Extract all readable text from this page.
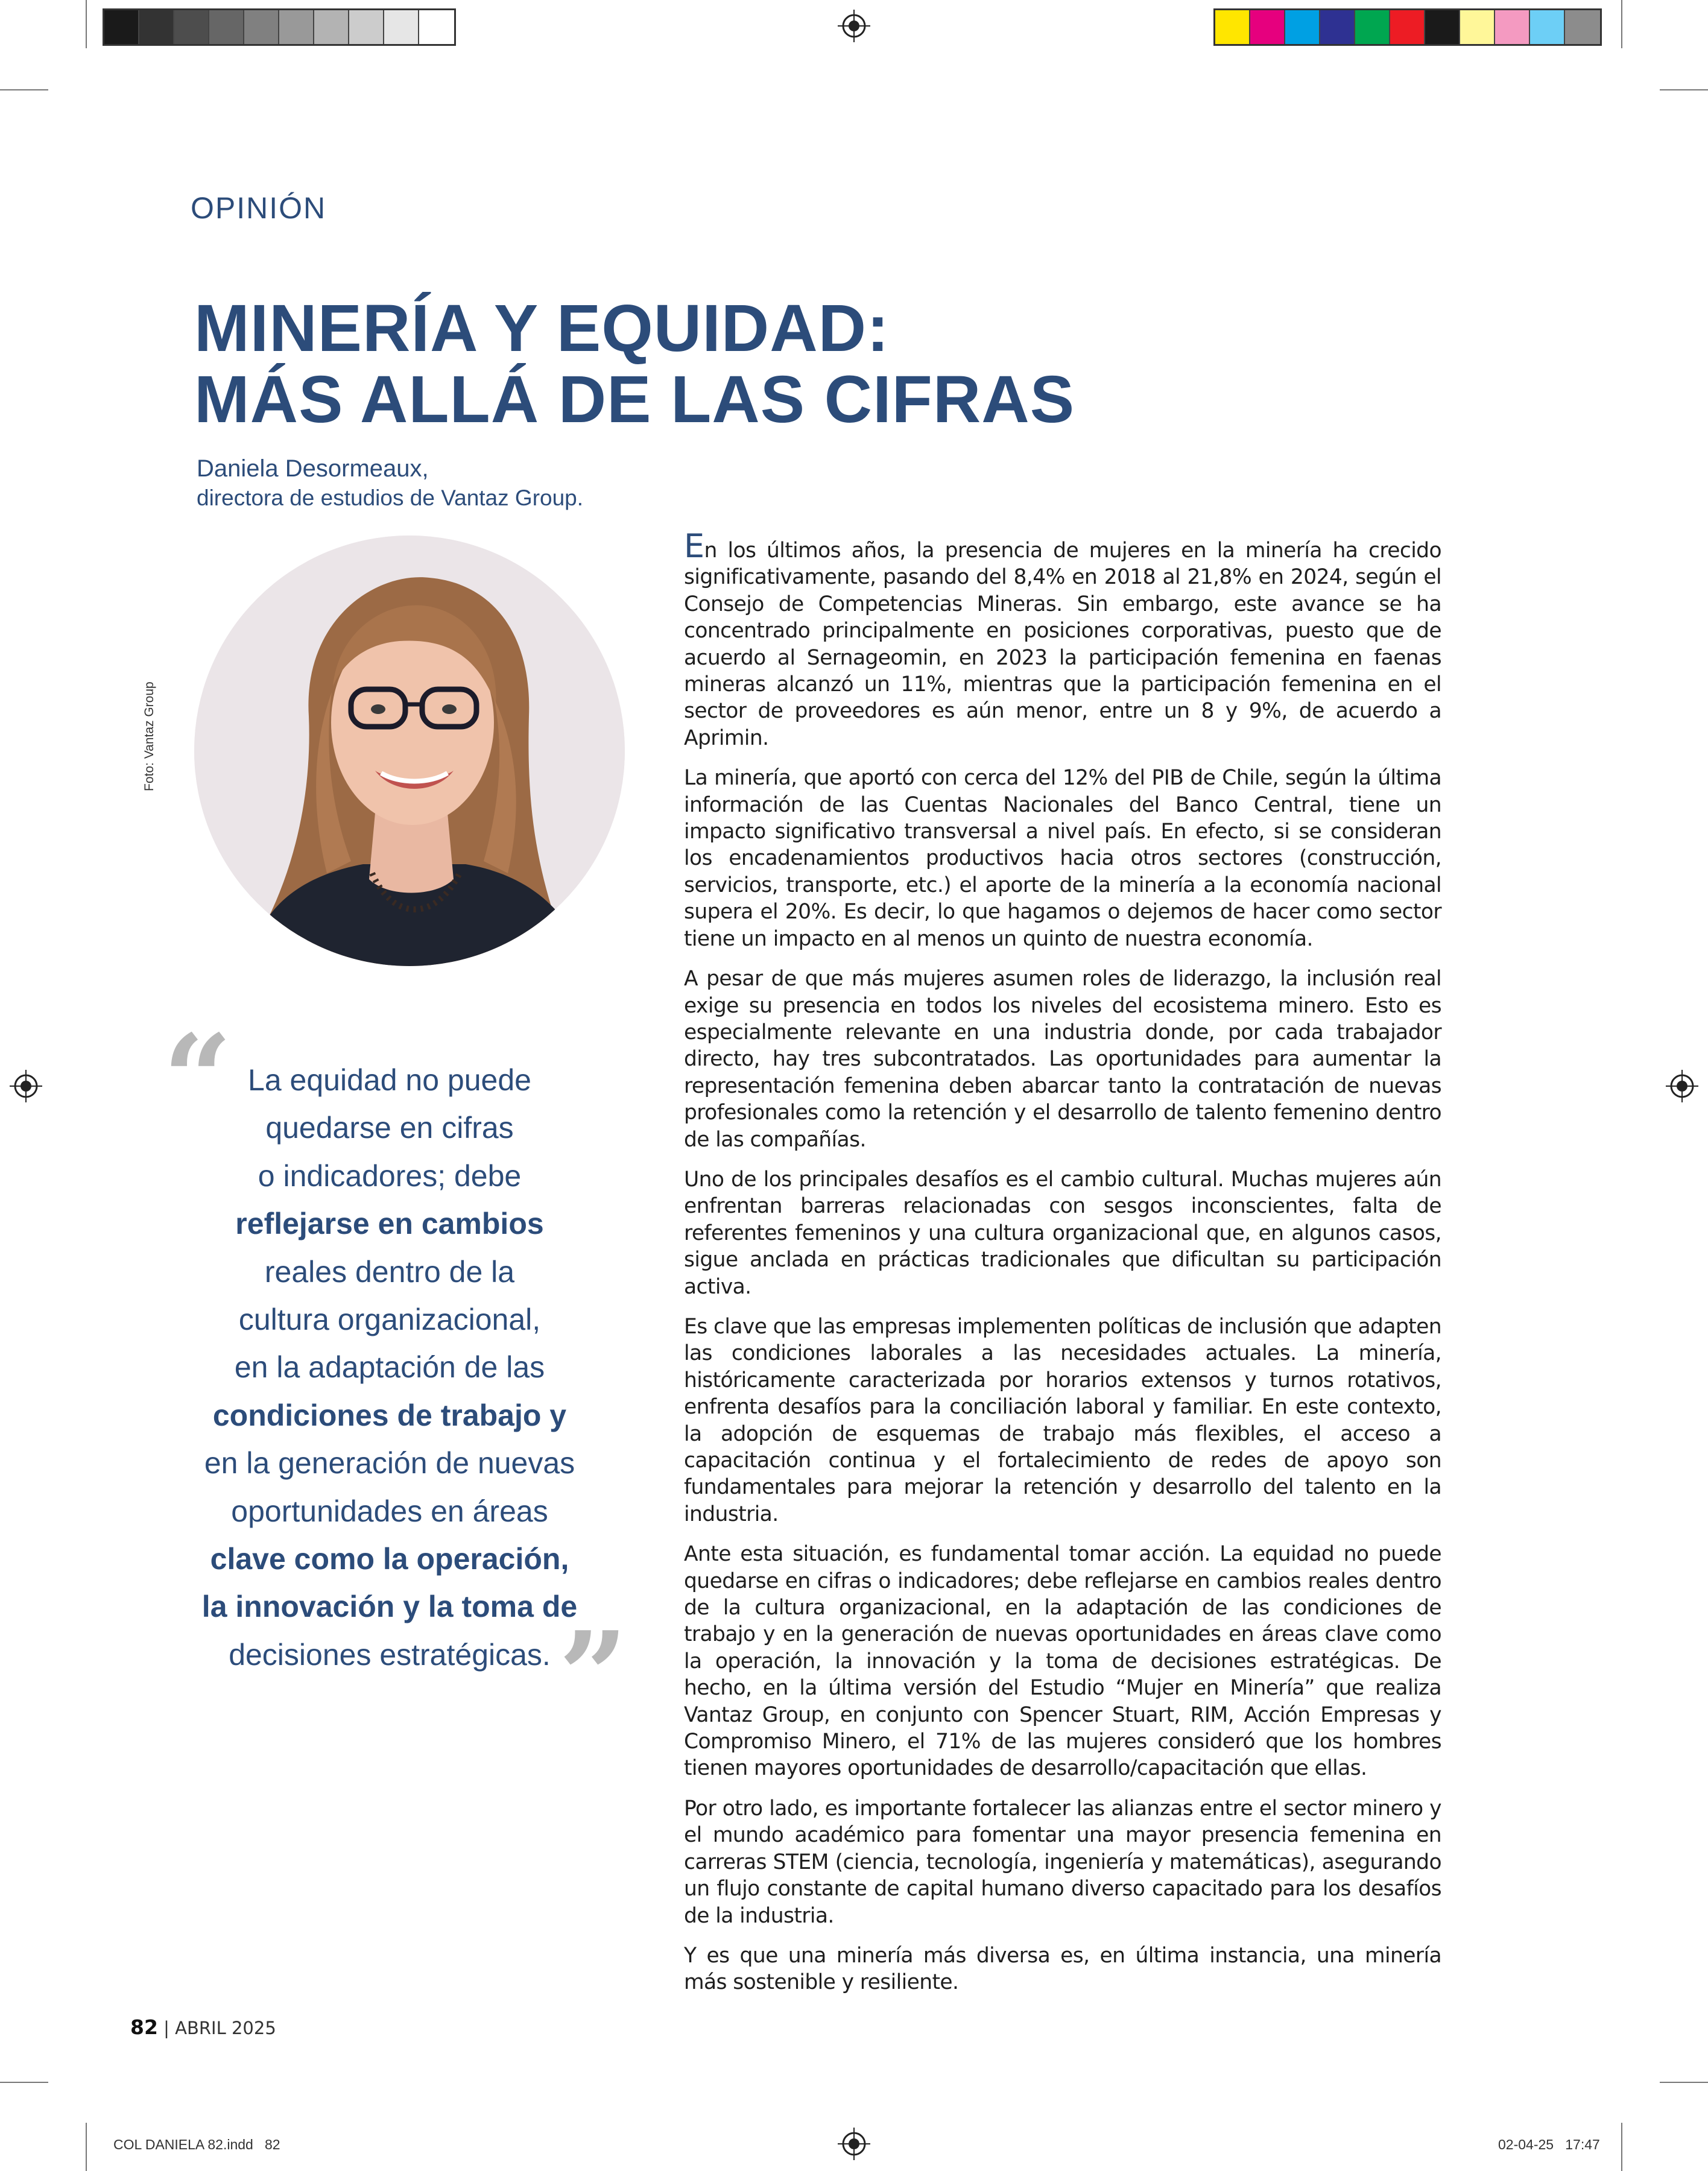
OPINIÓN
MINERÍA Y EQUIDAD:
MÁS ALLÁ DE LAS CIFRAS
Daniela Desormeaux,
directora de estudios de Vantaz Group.
Foto: Vantaz Group
“ La equidad no puede
quedarse en cifras
o indicadores; debe
reflejarse en cambios
reales dentro de la
cultura organizacional,
en la adaptación de las
condiciones de trabajo y
en la generación de nuevas
oportunidades en áreas
clave como la operación,
la innovación y la toma de
decisiones estratégicas. ”

En los últimos años, la presencia de mujeres en la minería ha crecido significativamente, pasando del 8,4% en 2018 al 21,8% en 2024, según el Consejo de Competencias Mineras. Sin embargo, este avance se ha concentrado principalmente en posiciones corporativas, puesto que de acuerdo al Sernageomin, en 2023 la participación femenina en faenas mineras alcanzó un 11%, mientras que la participación femenina en el sector de proveedores es aún menor, entre un 8 y 9%, de acuerdo a Aprimin.

La minería, que aportó con cerca del 12% del PIB de Chile, según la última información de las Cuentas Nacionales del Banco Central, tiene un impacto significativo transversal a nivel país. En efecto, si se consideran los encadenamientos productivos hacia otros sectores (construcción, servicios, transporte, etc.) el aporte de la minería a la economía nacional supera el 20%. Es decir, lo que hagamos o dejemos de hacer como sector tiene un impacto en al menos un quinto de nuestra economía.

A pesar de que más mujeres asumen roles de liderazgo, la inclusión real exige su presencia en todos los niveles del ecosistema minero. Esto es especialmente relevante en una industria donde, por cada trabajador directo, hay tres subcontratados. Las oportunidades para aumentar la representación femenina deben abarcar tanto la contratación de nuevas profesionales como la retención y el desarrollo de talento femenino dentro de las compañías.

Uno de los principales desafíos es el cambio cultural. Muchas mujeres aún enfrentan barreras relacionadas con sesgos inconscientes, falta de referentes femeninos y una cultura organizacional que, en algunos casos, sigue anclada en prácticas tradicionales que dificultan su participación activa.

Es clave que las empresas implementen políticas de inclusión que adapten las condiciones laborales a las necesidades actuales. La minería, históricamente caracterizada por horarios extensos y turnos rotativos, enfrenta desafíos para la conciliación laboral y familiar. En este contexto, la adopción de esquemas de trabajo más flexibles, el acceso a capacitación continua y el fortalecimiento de redes de apoyo son fundamentales para mejorar la retención y desarrollo del talento en la industria.

Ante esta situación, es fundamental tomar acción. La equidad no puede quedarse en cifras o indicadores; debe reflejarse en cambios reales dentro de la cultura organizacional, en la adaptación de las condiciones de trabajo y en la generación de nuevas oportunidades en áreas clave como la operación, la innovación y la toma de decisiones estratégicas. De hecho, en la última versión del Estudio “Mujer en Minería” que realiza Vantaz Group, en conjunto con Spencer Stuart, RIM, Acción Empresas y Compromiso Minero, el 71% de las mujeres consideró que los hombres tienen mayores oportunidades de desarrollo/capacitación que ellas.

Por otro lado, es importante fortalecer las alianzas entre el sector minero y el mundo académico para fomentar una mayor presencia femenina en carreras STEM (ciencia, tecnología, ingeniería y matemáticas), asegurando un flujo constante de capital humano diverso capacitado para los desafíos de la industria.

Y es que una minería más diversa es, en última instancia, una minería más sostenible y resiliente.

82 | ABRIL 2025
COL DANIELA 82.indd   82	02-04-25   17:47
